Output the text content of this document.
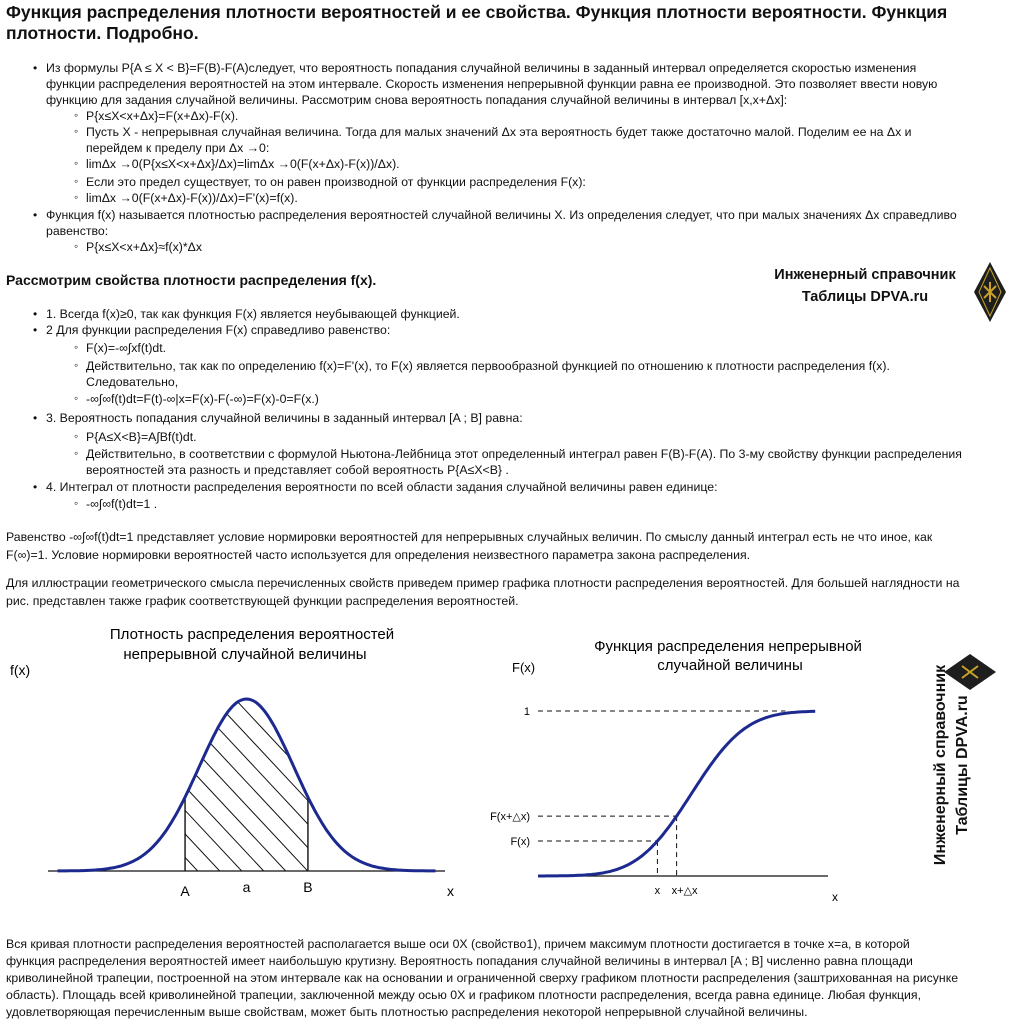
Функция распределения плотности вероятностей и ее свойства. Функция плотности вероятности. Функция плотности. Подробно.
• Из формулы P{A ≤ X < B}=F(B)-F(A)следует, что вероятность попадания случайной величины в заданный интервал определяется скоростью изменения
функции распределения вероятностей на этом интервале. Скорость изменения непрерывной функции равна ее производной. Это позволяет ввести новую
функцию для задания случайной величины. Рассмотрим снова вероятность попадания случайной величины в интервал [x,x+Δx]:
◦ P{x≤X<x+Δx}=F(x+Δx)-F(x).
◦ Пусть X - непрерывная случайная величина. Тогда для малых значений Δx эта вероятность будет также достаточно малой. Поделим ее на Δx и
перейдем к пределу при Δx →0:
◦ limΔx →0(P{x≤X<x+Δx}/Δx)=limΔx →0(F(x+Δx)-F(x))/Δx).
◦ Если это предел существует, то он равен производной от функции распределения F(x):
◦ limΔx →0(F(x+Δx)-F(x))/Δx)=F'(x)=f(x).
• Функция f(x) называется плотностью распределения вероятностей случайной величины X. Из определения следует, что при малых значениях Δx справедливо
равенство:
◦ P{x≤X<x+Δx}≈f(x)*Δx
Рассмотрим свойства плотности распределения f(x).	Инженерный справочник
Таблицы DPVA.ru
• 1. Всегда f(x)≥0, так как функция F(x) является неубывающей функцией.
• 2 Для функции распределения F(x) справедливо равенство:
◦ F(x)=-∞∫xf(t)dt.
◦ Действительно, так как по определению f(x)=F'(x), то F(x) является первообразной функцией по отношению к плотности распределения f(x).
Следовательно,
◦ -∞∫∞f(t)dt=F(t)-∞|x=F(x)-F(-∞)=F(x)-0=F(x.)
• 3. Вероятность попадания случайной величины в заданный интервал [A ; B] равна:
◦ P{A≤X<B}=A∫Bf(t)dt.
◦ Действительно, в соответствии с формулой Ньютона-Лейбница этот определенный интеграл равен F(B)-F(A). По 3-му свойству функции распределения
вероятностей эта разность и представляет собой вероятность P{A≤X<B} .
• 4. Интеграл от плотности распределения вероятности по всей области задания случайной величины равен единице:
◦ -∞∫∞f(t)dt=1 .
Равенство -∞∫∞f(t)dt=1 представляет условие нормировки вероятностей для непрерывных случайных величин. По смыслу данный интеграл есть не что иное, как
F(∞)=1. Условие нормировки вероятностей часто используется для определения неизвестного параметра закона распределения.
Для иллюстрации геометрического смысла перечисленных свойств приведем пример графика плотности распределения вероятностей. Для большей наглядности на
рис. представлен также график соответствующей функции распределения вероятностей.
Плотность распределения вероятностей
непрерывной случайной величины
f(x)
x
A	a	B
Функция распределения непрерывной
случайной величины
F(x)
x
1
F(x+△x)
F(x)
x x+△x
Инженерный справочник Таблицы DPVA.ru
Вся кривая плотности распределения вероятностей располагается выше оси 0X (свойство1), причем максимум плотности достигается в точке x=a, в которой
функция распределения вероятностей имеет наибольшую крутизну. Вероятность попадания случайной величины в интервал [A ; B] численно равна площади
криволинейной трапеции, построенной на этом интервале как на основании и ограниченной сверху графиком плотности распределения (заштрихованная на рисунке
область). Площадь всей криволинейной трапеции, заключенной между осью 0X и графиком плотности распределения, всегда равна единице. Любая функция,
удовлетворяющая перечисленным выше свойствам, может быть плотностью распределения некоторой непрерывной случайной величины.
